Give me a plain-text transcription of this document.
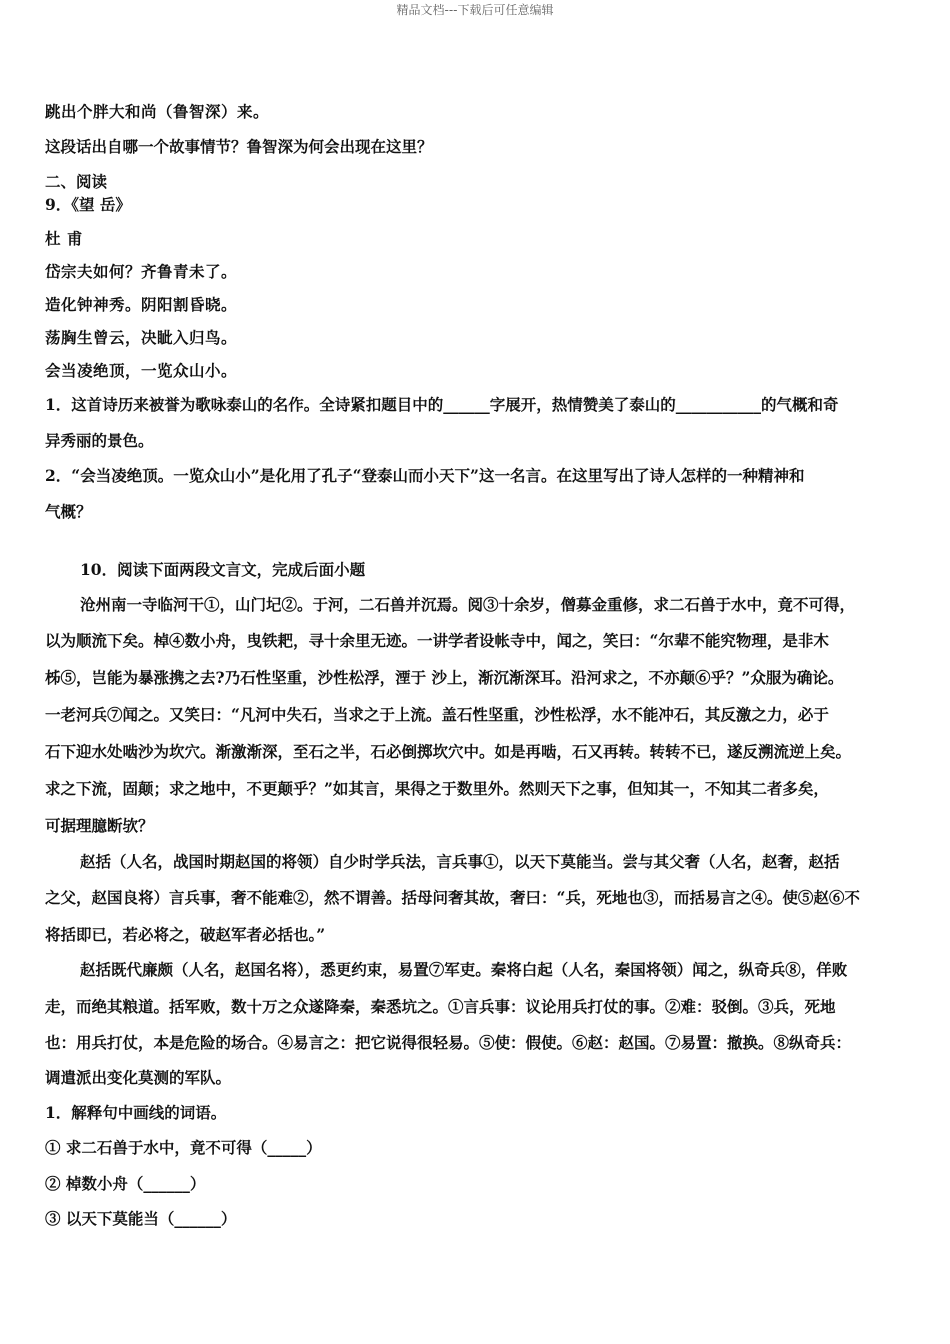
精品文档---下载后可任意编辑
跳出个胖大和尚（鲁智深）来。
这段话出自哪一个故事情节？鲁智深为何会出现在这里？
二、阅读
9．《望 岳》
杜 甫
岱宗夫如何？齐鲁青未了。
造化钟神秀。阴阳割昏晓。
荡胸生曾云，决眦入归鸟。
会当凌绝顶，一览众山小。
1．这首诗历来被誉为歌咏泰山的名作。全诗紧扣题目中的______字展开，热情赞美了泰山的___________的气概和奇
异秀丽的景色。
2．“会当凌绝顶。一览众山小”是化用了孔子“登泰山而小天下”这一名言。在这里写出了诗人怎样的一种精神和
气概？
10．阅读下面两段文言文，完成后面小题
沧州南一寺临河干①，山门圮②。于河，二石兽并沉焉。阅③十余岁，僧募金重修，求二石兽于水中，竟不可得，
以为顺流下矣。棹④数小舟，曳铁耙，寻十余里无迹。一讲学者设帐寺中，闻之，笑曰：“尔辈不能究物理，是非木
柹⑤，岂能为暴涨携之去?乃石性坚重，沙性松浮，湮于 沙上，渐沉渐深耳。沿河求之，不亦颠⑥乎？”众服为确论。
一老河兵⑦闻之。又笑曰：“凡河中失石，当求之于上流。盖石性坚重，沙性松浮，水不能冲石，其反激之力，必于
石下迎水处啮沙为坎穴。渐激渐深，至石之半，石必倒掷坎穴中。如是再啮，石又再转。转转不已，遂反溯流逆上矣。
求之下流，固颠；求之地中，不更颠乎？”如其言，果得之于数里外。然则天下之事，但知其一，不知其二者多矣，
可据理臆断欤？
赵括（人名，战国时期赵国的将领）自少时学兵法，言兵事①，以天下莫能当。尝与其父奢（人名，赵奢，赵括
之父，赵国良将）言兵事，奢不能难②，然不谓善。括母问奢其故，奢曰：“兵，死地也③，而括易言之④。使⑤赵⑥不
将括即已，若必将之，破赵军者必括也。”
赵括既代廉颇（人名，赵国名将），悉更约束，易置⑦军吏。秦将白起（人名，秦国将领）闻之，纵奇兵⑧，佯败
走，而绝其粮道。括军败，数十万之众遂降秦，秦悉坑之。①言兵事：议论用兵打仗的事。②难：驳倒。③兵，死地
也：用兵打仗，本是危险的场合。④易言之：把它说得很轻易。⑤使：假使。⑥赵：赵国。⑦易置：撤换。⑧纵奇兵：
调遣派出变化莫测的军队。
1．解释句中画线的词语。
① 求二石兽于水中，竟不可得（_____）
② 棹数小舟（______）
③ 以天下莫能当（______）
